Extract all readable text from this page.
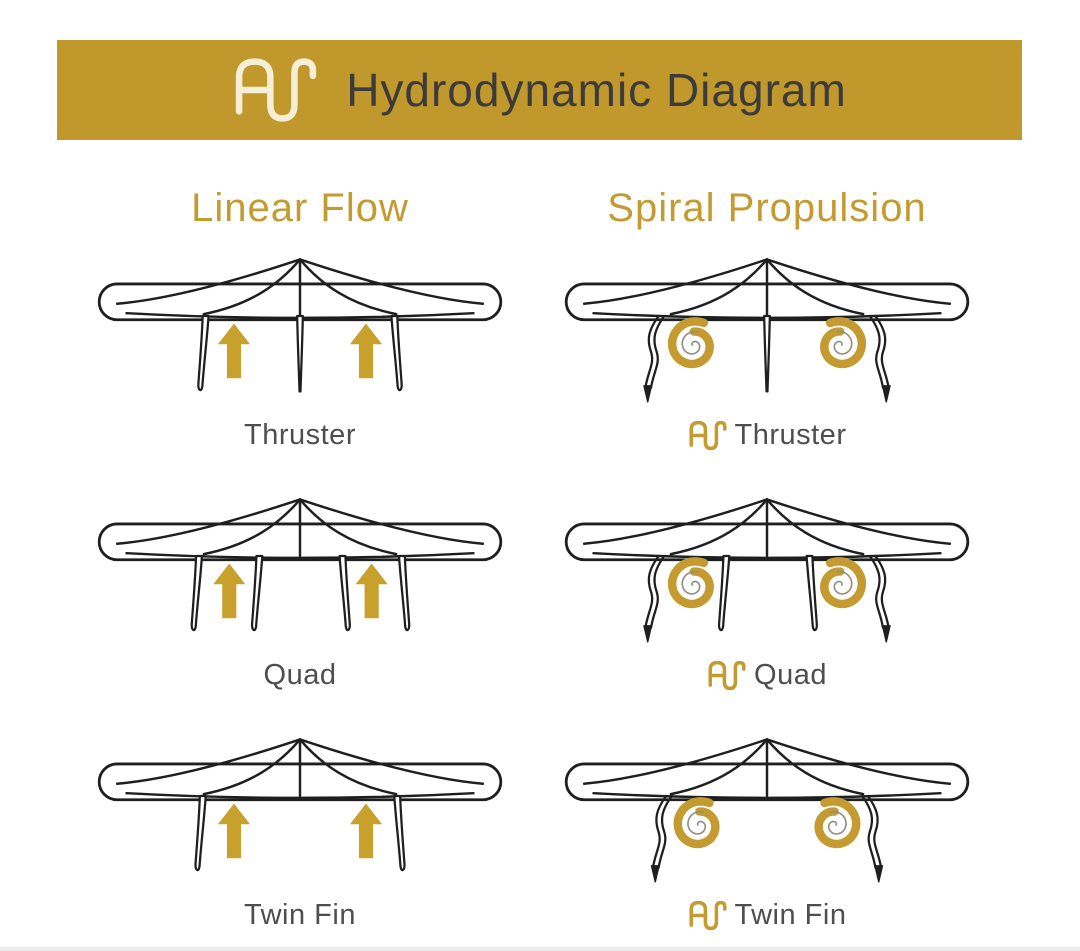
Hydrodynamic Diagram
Linear Flow	Spiral Propulsion
Thruster	Thruster
Quad	Quad
Twin Fin	Twin Fin
